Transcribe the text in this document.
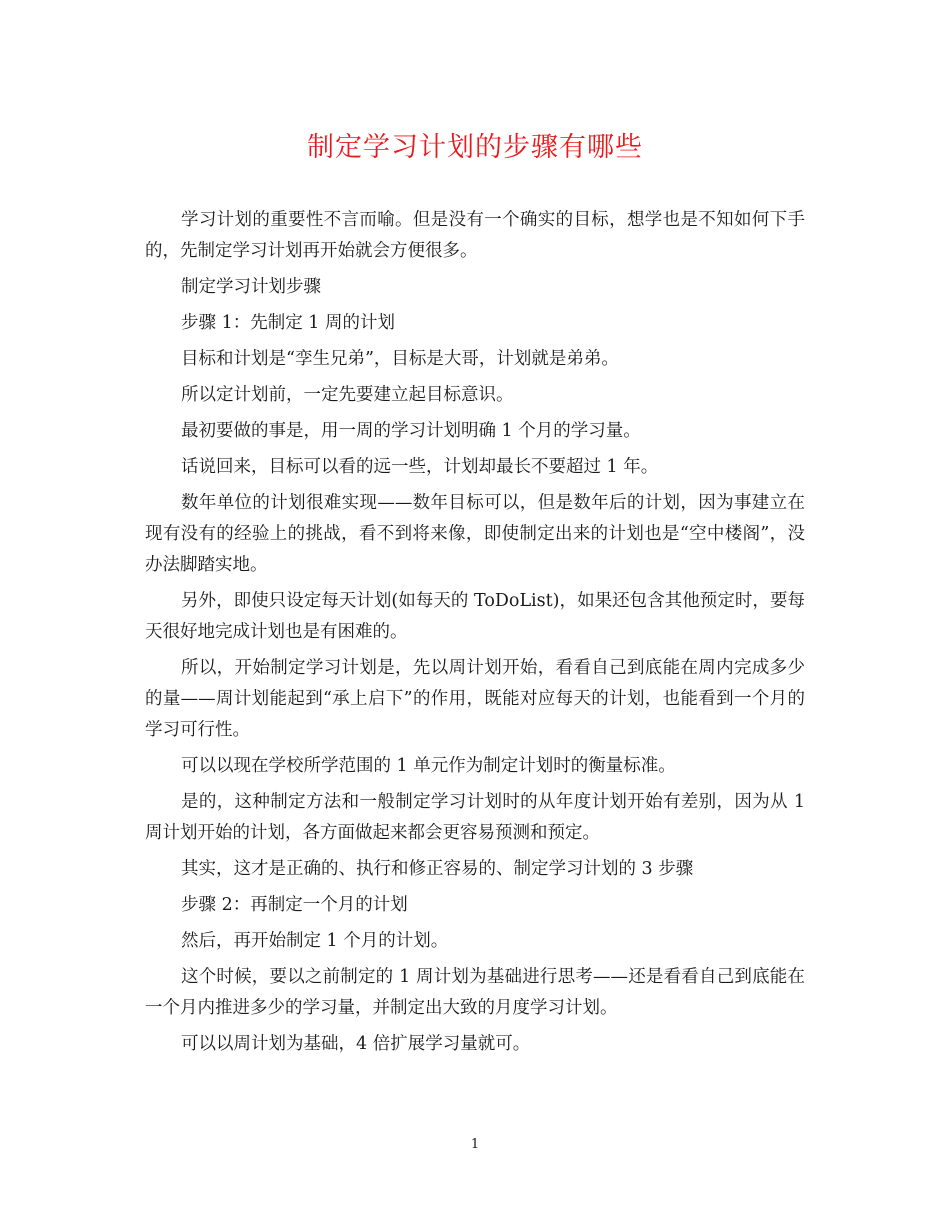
制定学习计划的步骤有哪些

学习计划的重要性不言而喻。但是没有一个确实的目标，想学也是不知如何下手的，先制定学习计划再开始就会方便很多。

制定学习计划步骤

步骤 1：先制定 1 周的计划

目标和计划是“孪生兄弟”，目标是大哥，计划就是弟弟。

所以定计划前，一定先要建立起目标意识。

最初要做的事是，用一周的学习计划明确 1 个月的学习量。

话说回来，目标可以看的远一些，计划却最长不要超过 1 年。

数年单位的计划很难实现——数年目标可以，但是数年后的计划，因为事建立在现有没有的经验上的挑战，看不到将来像，即使制定出来的计划也是“空中楼阁”，没办法脚踏实地。

另外，即使只设定每天计划(如每天的 ToDoList)，如果还包含其他预定时，要每天很好地完成计划也是有困难的。

所以，开始制定学习计划是，先以周计划开始，看看自己到底能在周内完成多少的量——周计划能起到“承上启下”的作用，既能对应每天的计划，也能看到一个月的学习可行性。

可以以现在学校所学范围的 1 单元作为制定计划时的衡量标准。

是的，这种制定方法和一般制定学习计划时的从年度计划开始有差别，因为从 1 周计划开始的计划，各方面做起来都会更容易预测和预定。

其实，这才是正确的、执行和修正容易的、制定学习计划的 3 步骤

步骤 2：再制定一个月的计划

然后，再开始制定 1 个月的计划。

这个时候，要以之前制定的 1 周计划为基础进行思考——还是看看自己到底能在一个月内推进多少的学习量，并制定出大致的月度学习计划。

可以以周计划为基础，4 倍扩展学习量就可。

1
